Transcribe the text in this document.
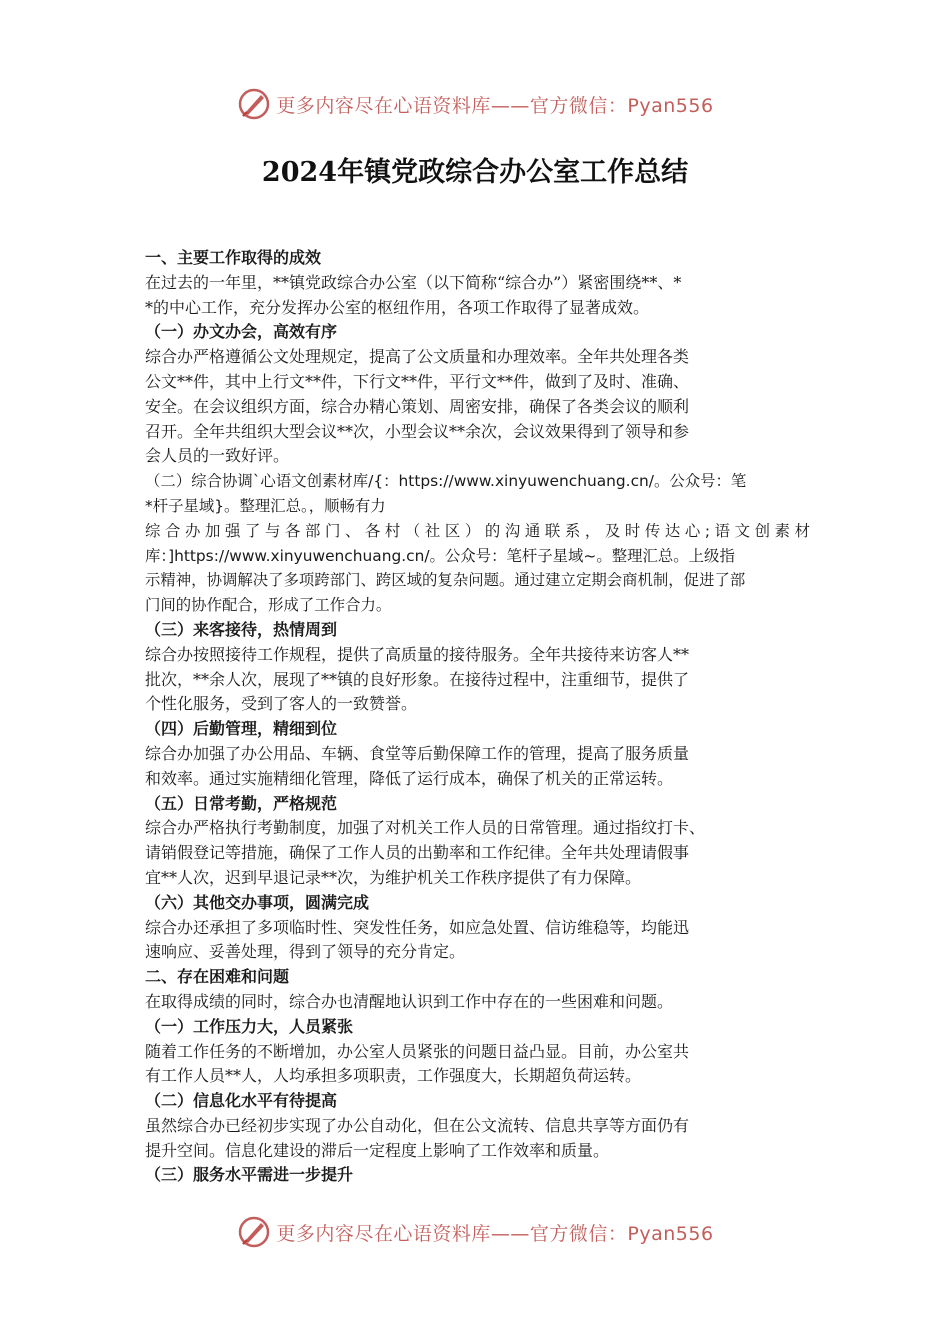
更多内容尽在心语资料库——官方微信：Pyan556
2024年镇党政综合办公室工作总结
一、主要工作取得的成效
在过去的一年里，**镇党政综合办公室（以下简称“综合办”）紧密围绕**、*
*的中心工作，充分发挥办公室的枢纽作用，各项工作取得了显著成效。
（一）办文办会，高效有序
综合办严格遵循公文处理规定，提高了公文质量和办理效率。全年共处理各类
公文**件，其中上行文**件，下行文**件，平行文**件，做到了及时、准确、
安全。在会议组织方面，综合办精心策划、周密安排，确保了各类会议的顺利
召开。全年共组织大型会议**次，小型会议**余次，会议效果得到了领导和参
会人员的一致好评。
（二）综合协调`心语文创素材库/{：https://www.xinyuwenchuang.cn/。公众号：笔
*杆子星域}。整理汇总。，顺畅有力
综合办加强了与各部门、各村（社区）的沟通联系，及时传达心;语文创素材
库：]https://www.xinyuwenchuang.cn/。公众号：笔杆子星域~。整理汇总。上级指
示精神，协调解决了多项跨部门、跨区域的复杂问题。通过建立定期会商机制，促进了部
门间的协作配合，形成了工作合力。
（三）来客接待，热情周到
综合办按照接待工作规程，提供了高质量的接待服务。全年共接待来访客人**
批次，**余人次，展现了**镇的良好形象。在接待过程中，注重细节，提供了
个性化服务，受到了客人的一致赞誉。
（四）后勤管理，精细到位
综合办加强了办公用品、车辆、食堂等后勤保障工作的管理，提高了服务质量
和效率。通过实施精细化管理，降低了运行成本，确保了机关的正常运转。
（五）日常考勤，严格规范
综合办严格执行考勤制度，加强了对机关工作人员的日常管理。通过指纹打卡、
请销假登记等措施，确保了工作人员的出勤率和工作纪律。全年共处理请假事
宜**人次，迟到早退记录**次，为维护机关工作秩序提供了有力保障。
（六）其他交办事项，圆满完成
综合办还承担了多项临时性、突发性任务，如应急处置、信访维稳等，均能迅
速响应、妥善处理，得到了领导的充分肯定。
二、存在困难和问题
在取得成绩的同时，综合办也清醒地认识到工作中存在的一些困难和问题。
（一）工作压力大，人员紧张
随着工作任务的不断增加，办公室人员紧张的问题日益凸显。目前，办公室共
有工作人员**人，人均承担多项职责，工作强度大，长期超负荷运转。
（二）信息化水平有待提高
虽然综合办已经初步实现了办公自动化，但在公文流转、信息共享等方面仍有
提升空间。信息化建设的滞后一定程度上影响了工作效率和质量。
（三）服务水平需进一步提升
更多内容尽在心语资料库——官方微信：Pyan556
